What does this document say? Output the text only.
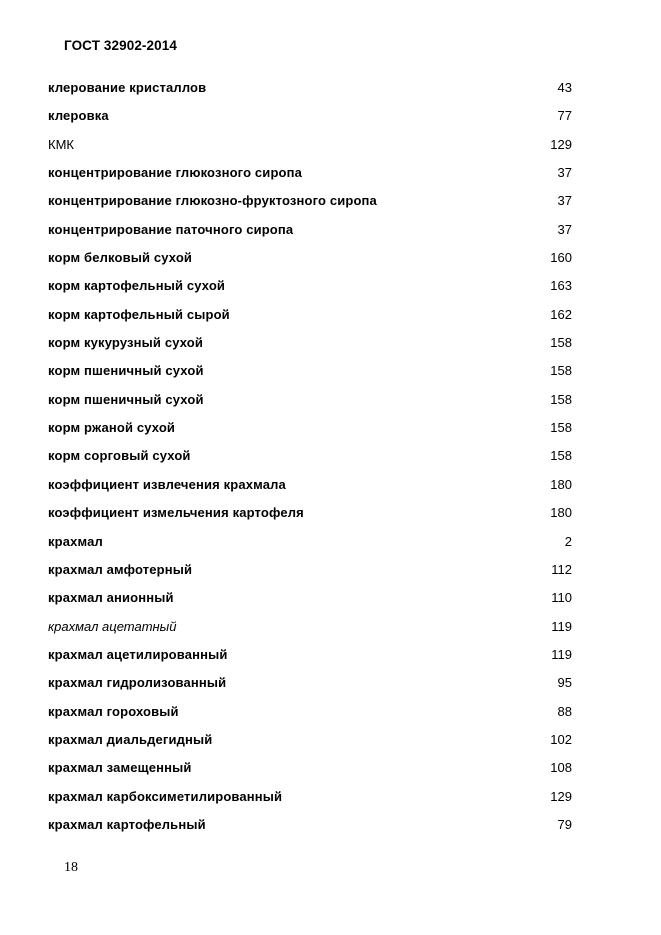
ГОСТ 32902-2014
клерование кристаллов	43
клеровка	77
КМК	129
концентрирование глюкозного сиропа	37
концентрирование глюкозно-фруктозного сиропа	37
концентрирование паточного сиропа	37
корм белковый сухой	160
корм картофельный сухой	163
корм картофельный сырой	162
корм кукурузный сухой	158
корм пшеничный сухой	158
корм пшеничный сухой	158
корм ржаной сухой	158
корм сорговый сухой	158
коэффициент извлечения крахмала	180
коэффициент измельчения картофеля	180
крахмал	2
крахмал амфотерный	112
крахмал анионный	110
крахмал ацетатный	119
крахмал ацетилированный	119
крахмал гидролизованный	95
крахмал гороховый	88
крахмал диальдегидный	102
крахмал замещенный	108
крахмал карбоксиметилированный	129
крахмал картофельный	79
18
